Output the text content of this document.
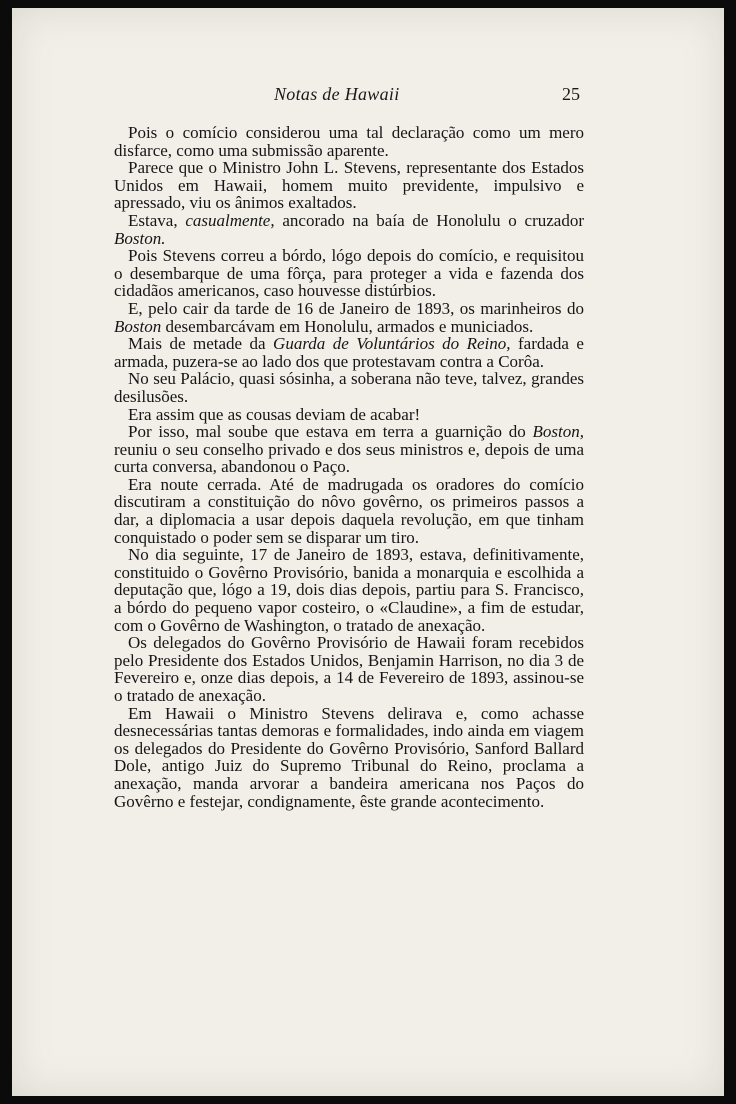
Notas de Hawaii	25

Pois o comício considerou uma tal declaração como um mero disfarce, como uma submissão aparente.

Parece que o Ministro John L. Stevens, representante dos Estados Unidos em Hawaii, homem muito previdente, impulsivo e apressado, viu os ânimos exaltados.

Estava, casualmente, ancorado na baía de Honolulu o cruzador Boston.

Pois Stevens correu a bórdo, lógo depois do comício, e requisitou o desembarque de uma fôrça, para proteger a vida e fazenda dos cidadãos americanos, caso houvesse distúrbios.

E, pelo cair da tarde de 16 de Janeiro de 1893, os marinheiros do Boston desembarcávam em Honolulu, armados e municiados.

Mais de metade da Guarda de Voluntários do Reino, fardada e armada, puzera-se ao lado dos que protestavam contra a Corôa.

No seu Palácio, quasi sósinha, a soberana não teve, talvez, grandes desilusões.

Era assim que as cousas deviam de acabar!

Por isso, mal soube que estava em terra a guarnição do Boston, reuniu o seu conselho privado e dos seus ministros e, depois de uma curta conversa, abandonou o Paço.

Era noute cerrada. Até de madrugada os oradores do comício discutiram a constituição do nôvo govêrno, os primeiros passos a dar, a diplomacia a usar depois daquela revolução, em que tinham conquistado o poder sem se disparar um tiro.

No dia seguinte, 17 de Janeiro de 1893, estava, definitivamente, constituido o Govêrno Provisório, banida a monarquia e escolhida a deputação que, lógo a 19, dois dias depois, partiu para S. Francisco, a bórdo do pequeno vapor costeiro, o «Claudine», a fim de estudar, com o Govêrno de Washington, o tratado de anexação.

Os delegados do Govêrno Provisório de Hawaii foram recebidos pelo Presidente dos Estados Unidos, Benjamin Harrison, no dia 3 de Fevereiro e, onze dias depois, a 14 de Fevereiro de 1893, assinou-se o tratado de anexação.

Em Hawaii o Ministro Stevens delirava e, como achasse desnecessárias tantas demoras e formalidades, indo ainda em viagem os delegados do Presidente do Govêrno Provisório, Sanford Ballard Dole, antigo Juiz do Supremo Tribunal do Reino, proclama a anexação, manda arvorar a bandeira americana nos Paços do Govêrno e festejar, condignamente, êste grande acontecimento.
